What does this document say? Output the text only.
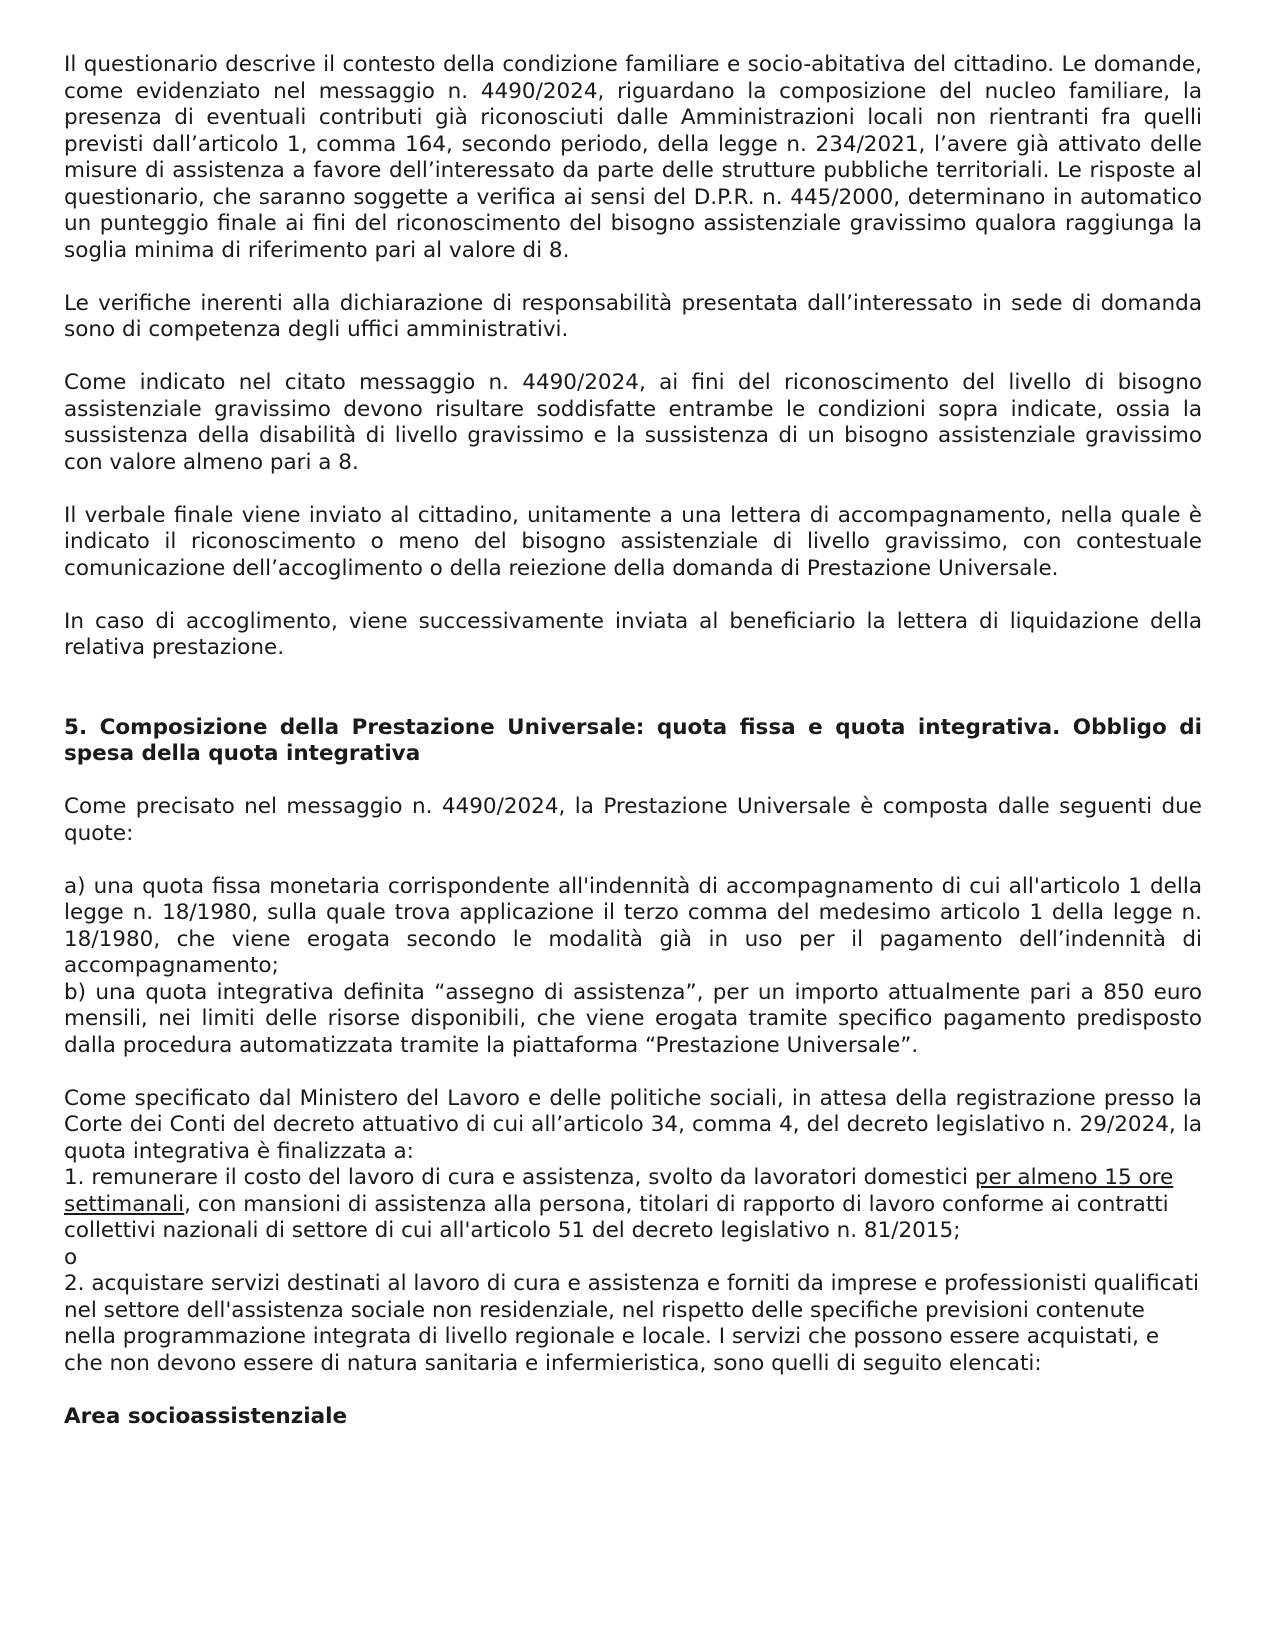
Il questionario descrive il contesto della condizione familiare e socio-abitativa del cittadino. Le domande, come evidenziato nel messaggio n. 4490/2024, riguardano la composizione del nucleo familiare, la presenza di eventuali contributi già riconosciuti dalle Amministrazioni locali non rientranti fra quelli previsti dall’articolo 1, comma 164, secondo periodo, della legge n. 234/2021, l’avere già attivato delle misure di assistenza a favore dell’interessato da parte delle strutture pubbliche territoriali. Le risposte al questionario, che saranno soggette a verifica ai sensi del D.P.R. n. 445/2000, determinano in automatico un punteggio finale ai fini del riconoscimento del bisogno assistenziale gravissimo qualora raggiunga la soglia minima di riferimento pari al valore di 8.

Le verifiche inerenti alla dichiarazione di responsabilità presentata dall’interessato in sede di domanda sono di competenza degli uffici amministrativi.

Come indicato nel citato messaggio n. 4490/2024, ai fini del riconoscimento del livello di bisogno assistenziale gravissimo devono risultare soddisfatte entrambe le condizioni sopra indicate, ossia la sussistenza della disabilità di livello gravissimo e la sussistenza di un bisogno assistenziale gravissimo con valore almeno pari a 8.

Il verbale finale viene inviato al cittadino, unitamente a una lettera di accompagnamento, nella quale è indicato il riconoscimento o meno del bisogno assistenziale di livello gravissimo, con contestuale comunicazione dell’accoglimento o della reiezione della domanda di Prestazione Universale.

In caso di accoglimento, viene successivamente inviata al beneficiario la lettera di liquidazione della relativa prestazione.

5. Composizione della Prestazione Universale: quota fissa e quota integrativa. Obbligo di spesa della quota integrativa

Come precisato nel messaggio n. 4490/2024, la Prestazione Universale è composta dalle seguenti due quote:

a) una quota fissa monetaria corrispondente all'indennità di accompagnamento di cui all'articolo 1 della legge n. 18/1980, sulla quale trova applicazione il terzo comma del medesimo articolo 1 della legge n. 18/1980, che viene erogata secondo le modalità già in uso per il pagamento dell’indennità di accompagnamento;

b) una quota integrativa definita “assegno di assistenza”, per un importo attualmente pari a 850 euro mensili, nei limiti delle risorse disponibili, che viene erogata tramite specifico pagamento predisposto dalla procedura automatizzata tramite la piattaforma “Prestazione Universale”.

Come specificato dal Ministero del Lavoro e delle politiche sociali, in attesa della registrazione presso la Corte dei Conti del decreto attuativo di cui all’articolo 34, comma 4, del decreto legislativo n. 29/2024, la quota integrativa è finalizzata a:

1. remunerare il costo del lavoro di cura e assistenza, svolto da lavoratori domestici per almeno 15 ore settimanali, con mansioni di assistenza alla persona, titolari di rapporto di lavoro conforme ai contratti collettivi nazionali di settore di cui all'articolo 51 del decreto legislativo n. 81/2015;

o

2. acquistare servizi destinati al lavoro di cura e assistenza e forniti da imprese e professionisti qualificati nel settore dell'assistenza sociale non residenziale, nel rispetto delle specifiche previsioni contenute nella programmazione integrata di livello regionale e locale. I servizi che possono essere acquistati, e che non devono essere di natura sanitaria e infermieristica, sono quelli di seguito elencati:

Area socioassistenziale
